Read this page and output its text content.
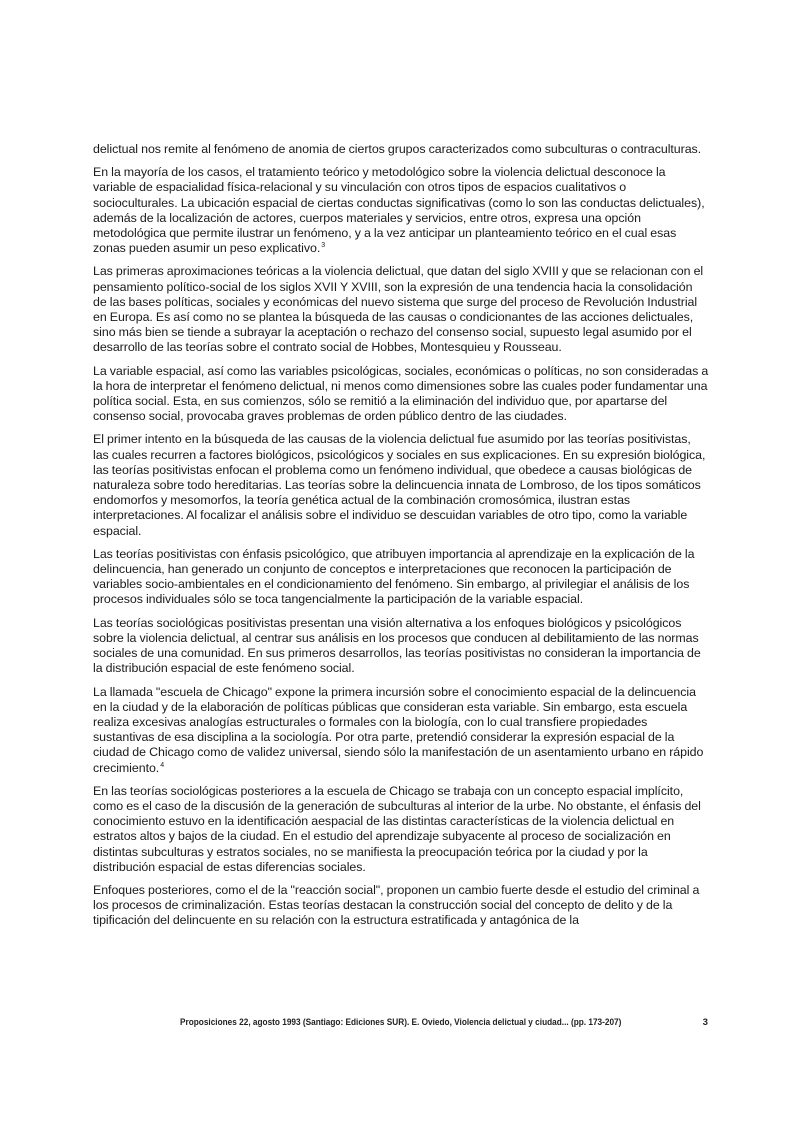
delictual nos remite al fenómeno de anomia de ciertos grupos caracterizados como subculturas o contraculturas.

En la mayoría de los casos, el tratamiento teórico y metodológico sobre la violencia delictual desconoce la variable de espacialidad física-relacional y su vinculación con otros tipos de espacios cualitativos o socioculturales. La ubicación espacial de ciertas conductas significativas (como lo son las conductas delictuales), además de la localización de actores, cuerpos materiales y servicios, entre otros, expresa una opción metodológica que permite ilustrar un fenómeno, y a la vez anticipar un planteamiento teórico en el cual esas zonas pueden asumir un peso explicativo.$^3$

Las primeras aproximaciones teóricas a la violencia delictual, que datan del siglo XVIII y que se relacionan con el pensamiento político-social de los siglos XVII Y XVIII, son la expresión de una tendencia hacia la consolidación de las bases políticas, sociales y económicas del nuevo sistema que surge del proceso de Revolución Industrial en Europa. Es así como no se plantea la búsqueda de las causas o condicionantes de las acciones delictuales, sino más bien se tiende a subrayar la aceptación o rechazo del consenso social, supuesto legal asumido por el desarrollo de las teorías sobre el contrato social de Hobbes, Montesquieu y Rousseau.

La variable espacial, así como las variables psicológicas, sociales, económicas o políticas, no son consideradas a la hora de interpretar el fenómeno delictual, ni menos como dimensiones sobre las cuales poder fundamentar una política social. Esta, en sus comienzos, sólo se remitió a la eliminación del individuo que, por apartarse del consenso social, provocaba graves problemas de orden público dentro de las ciudades.

El primer intento en la búsqueda de las causas de la violencia delictual fue asumido por las teorías positivistas, las cuales recurren a factores biológicos, psicológicos y sociales en sus explicaciones. En su expresión biológica, las teorías positivistas enfocan el problema como un fenómeno individual, que obedece a causas biológicas de naturaleza sobre todo hereditarias. Las teorías sobre la delincuencia innata de Lombroso, de los tipos somáticos endomorfos y mesomorfos, la teoría genética actual de la combinación cromosómica, ilustran estas interpretaciones. Al focalizar el análisis sobre el individuo se descuidan variables de otro tipo, como la variable espacial.

Las teorías positivistas con énfasis psicológico, que atribuyen importancia al aprendizaje en la explicación de la delincuencia, han generado un conjunto de conceptos e interpretaciones que reconocen la participación de variables socio-ambientales en el condicionamiento del fenómeno. Sin embargo, al privilegiar el análisis de los procesos individuales sólo se toca tangencialmente la participación de la variable espacial.

Las teorías sociológicas positivistas presentan una visión alternativa a los enfoques biológicos y psicológicos sobre la violencia delictual, al centrar sus análisis en los procesos que conducen al debilitamiento de las normas sociales de una comunidad. En sus primeros desarrollos, las teorías positivistas no consideran la importancia de la distribución espacial de este fenómeno social.

La llamada "escuela de Chicago" expone la primera incursión sobre el conocimiento espacial de la delincuencia en la ciudad y de la elaboración de políticas públicas que consideran esta variable. Sin embargo, esta escuela realiza excesivas analogías estructurales o formales con la biología, con lo cual transfiere propiedades sustantivas de esa disciplina a la sociología. Por otra parte, pretendió considerar la expresión espacial de la ciudad de Chicago como de validez universal, siendo sólo la manifestación de un asentamiento urbano en rápido crecimiento.$^4$

En las teorías sociológicas posteriores a la escuela de Chicago se trabaja con un concepto espacial implícito, como es el caso de la discusión de la generación de subculturas al interior de la urbe. No obstante, el énfasis del conocimiento estuvo en la identificación aespacial de las distintas características de la violencia delictual en estratos altos y bajos de la ciudad. En el estudio del aprendizaje subyacente al proceso de socialización en distintas subculturas y estratos sociales, no se manifiesta la preocupación teórica por la ciudad y por la distribución espacial de estas diferencias sociales.

Enfoques posteriores, como el de la "reacción social", proponen un cambio fuerte desde el estudio del criminal a los procesos de criminalización. Estas teorías destacan la construcción social del concepto de delito y de la tipificación del delincuente en su relación con la estructura estratificada y antagónica de la

Proposiciones 22, agosto 1993 (Santiago: Ediciones SUR). E. Oviedo, Violencia delictual y ciudad... (pp. 173-207)	3
